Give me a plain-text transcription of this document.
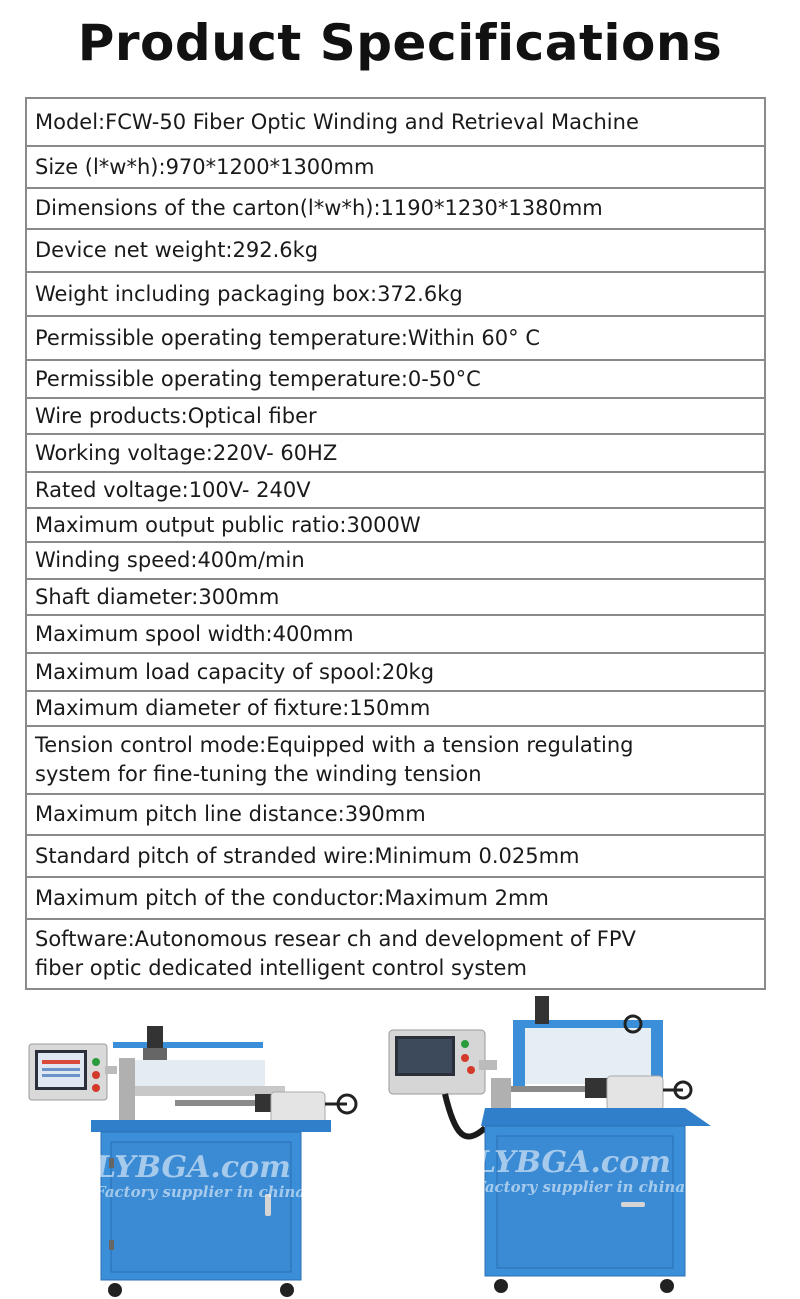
Product Specifications
Model:FCW-50 Fiber Optic Winding and Retrieval Machine
Size (l*w*h):970*1200*1300mm
Dimensions of the carton(l*w*h):1190*1230*1380mm
Device net weight:292.6kg
Weight including packaging box:372.6kg
Permissible operating temperature:Within 60° C
Permissible operating temperature:0-50°C
Wire products:Optical fiber
Working voltage:220V- 60HZ
Rated voltage:100V- 240V
Maximum output public ratio:3000W
Winding speed:400m/min
Shaft diameter:300mm
Maximum spool width:400mm
Maximum load capacity of spool:20kg
Maximum diameter of fixture:150mm
Tension control mode:Equipped with a tension regulating
system for fine-tuning the winding tension
Maximum pitch line distance:390mm
Standard pitch of stranded wire:Minimum 0.025mm
Maximum pitch of the conductor:Maximum 2mm
Software:Autonomous resear ch and development of FPV
fiber optic dedicated intelligent control system
LYBGA.com
Factory supplier in china
LYBGA.com
Factory supplier in china
